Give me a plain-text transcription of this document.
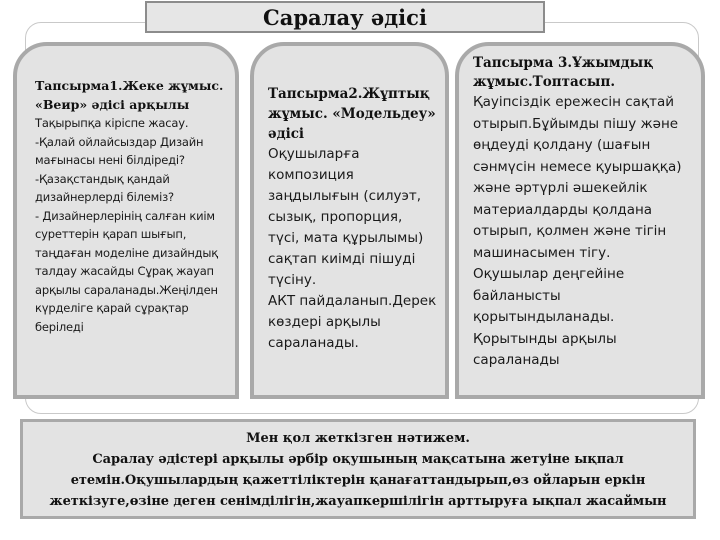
Саралау әдісі
Тапсырма1.Жеке жұмыс. «Веир» әдісі арқылы
Тақырыпқа кіріспе жасау.
-Қалай ойлайсыздар Дизайн мағынасы нені білдіреді?
-Қазақстандық қандай дизайнерлерді білеміз?
- Дизайнерлерінің салған киім суреттерін қарап шығып, таңдаған моделіне дизайндық талдау жасайды Сұрақ жауап арқылы сараланады.Жеңілден күрделіге қарай сұрақтар беріледі
Тапсырма2.Жұптық жұмыс. «Модельдеу» әдісі
Оқушыларға композиция заңдылығын (силуэт, сызық, пропорция, түсі, мата құрылымы) сақтап киімді пішуді түсіну.
АКТ пайдаланып.Дерек көздері арқылы сараланады.
Тапсырма 3.Ұжымдық жұмыс.Топтасып.
Қауіпсіздік ережесін сақтай отырып.Бұйымды пішу және өңдеуді қолдану (шағын сәнмүсін немесе қуыршаққа) және әртүрлі әшекейлік материалдарды қолдана отырып, қолмен және тігін машинасымен тігу.
Оқушылар деңгейіне байланысты қорытындыланады.
Қорытынды арқылы сараланады
Мен қол жеткізген нәтижем.
Саралау әдістері арқылы әрбір оқушының мақсатына жетуіне ықпал етемін.Оқушылардың қажеттіліктерін қанағаттандырып,өз ойларын еркін жеткізуге,өзіне деген сенімділігін,жауапкершілігін арттыруға ықпал жасаймын
